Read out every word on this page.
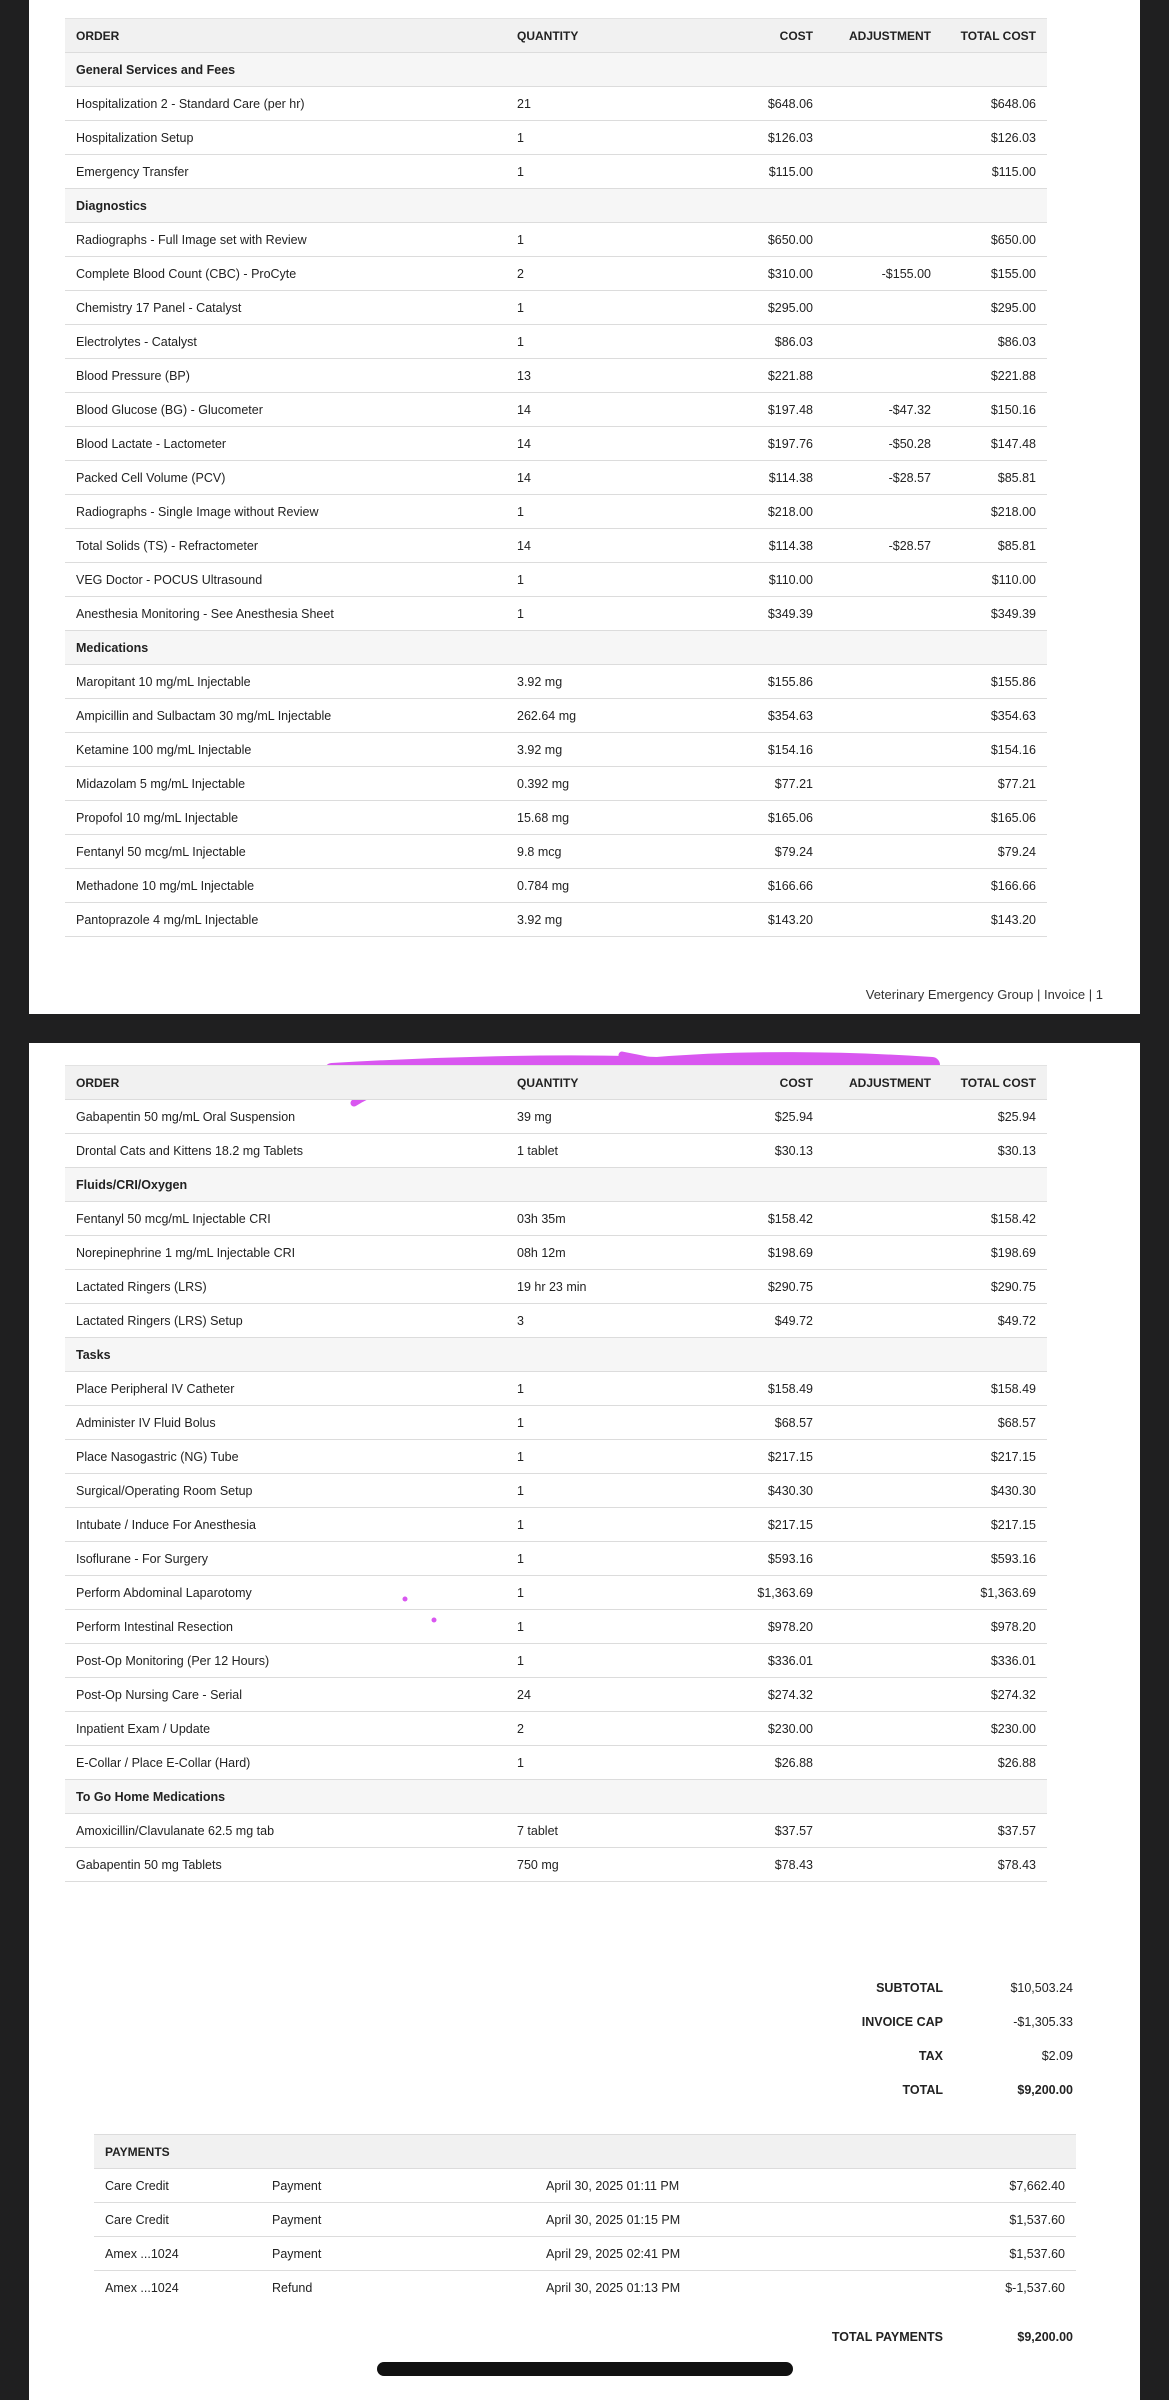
ORDER	QUANTITY	COST	ADJUSTMENT	TOTAL COST
General Services and Fees				
Hospitalization 2 - Standard Care (per hr)	21	$648.06		$648.06
Hospitalization Setup	1	$126.03		$126.03
Emergency Transfer	1	$115.00		$115.00
Diagnostics				
Radiographs - Full Image set with Review	1	$650.00		$650.00
Complete Blood Count (CBC) - ProCyte	2	$310.00	-$155.00	$155.00
Chemistry 17 Panel - Catalyst	1	$295.00		$295.00
Electrolytes - Catalyst	1	$86.03		$86.03
Blood Pressure (BP)	13	$221.88		$221.88
Blood Glucose (BG) - Glucometer	14	$197.48	-$47.32	$150.16
Blood Lactate - Lactometer	14	$197.76	-$50.28	$147.48
Packed Cell Volume (PCV)	14	$114.38	-$28.57	$85.81
Radiographs - Single Image without Review	1	$218.00		$218.00
Total Solids (TS) - Refractometer	14	$114.38	-$28.57	$85.81
VEG Doctor - POCUS Ultrasound	1	$110.00		$110.00
Anesthesia Monitoring - See Anesthesia Sheet	1	$349.39		$349.39
Medications				
Maropitant 10 mg/mL Injectable	3.92 mg	$155.86		$155.86
Ampicillin and Sulbactam 30 mg/mL Injectable	262.64 mg	$354.63		$354.63
Ketamine 100 mg/mL Injectable	3.92 mg	$154.16		$154.16
Midazolam 5 mg/mL Injectable	0.392 mg	$77.21		$77.21
Propofol 10 mg/mL Injectable	15.68 mg	$165.06		$165.06
Fentanyl 50 mcg/mL Injectable	9.8 mcg	$79.24		$79.24
Methadone 10 mg/mL Injectable	0.784 mg	$166.66		$166.66
Pantoprazole 4 mg/mL Injectable	3.92 mg	$143.20		$143.20
Veterinary Emergency Group | Invoice | 1
ORDER	QUANTITY	COST	ADJUSTMENT	TOTAL COST
Gabapentin 50 mg/mL Oral Suspension	39 mg	$25.94		$25.94
Drontal Cats and Kittens 18.2 mg Tablets	1 tablet	$30.13		$30.13
Fluids/CRI/Oxygen				
Fentanyl 50 mcg/mL Injectable CRI	03h 35m	$158.42		$158.42
Norepinephrine 1 mg/mL Injectable CRI	08h 12m	$198.69		$198.69
Lactated Ringers (LRS)	19 hr 23 min	$290.75		$290.75
Lactated Ringers (LRS) Setup	3	$49.72		$49.72
Tasks				
Place Peripheral IV Catheter	1	$158.49		$158.49
Administer IV Fluid Bolus	1	$68.57		$68.57
Place Nasogastric (NG) Tube	1	$217.15		$217.15
Surgical/Operating Room Setup	1	$430.30		$430.30
Intubate / Induce For Anesthesia	1	$217.15		$217.15
Isoflurane - For Surgery	1	$593.16		$593.16
Perform Abdominal Laparotomy	1	$1,363.69		$1,363.69
Perform Intestinal Resection	1	$978.20		$978.20
Post-Op Monitoring (Per 12 Hours)	1	$336.01		$336.01
Post-Op Nursing Care - Serial	24	$274.32		$274.32
Inpatient Exam / Update	2	$230.00		$230.00
E-Collar / Place E-Collar (Hard)	1	$26.88		$26.88
To Go Home Medications				
Amoxicillin/Clavulanate 62.5 mg tab	7 tablet	$37.57		$37.57
Gabapentin 50 mg Tablets	750 mg	$78.43		$78.43
SUBTOTAL	$10,503.24
INVOICE CAP	-$1,305.33
TAX	$2.09
TOTAL	$9,200.00
PAYMENTS			
Care Credit	Payment	April 30, 2025 01:11 PM	$7,662.40
Care Credit	Payment	April 30, 2025 01:15 PM	$1,537.60
Amex ...1024	Payment	April 29, 2025 02:41 PM	$1,537.60
Amex ...1024	Refund	April 30, 2025 01:13 PM	$-1,537.60
TOTAL PAYMENTS	$9,200.00
